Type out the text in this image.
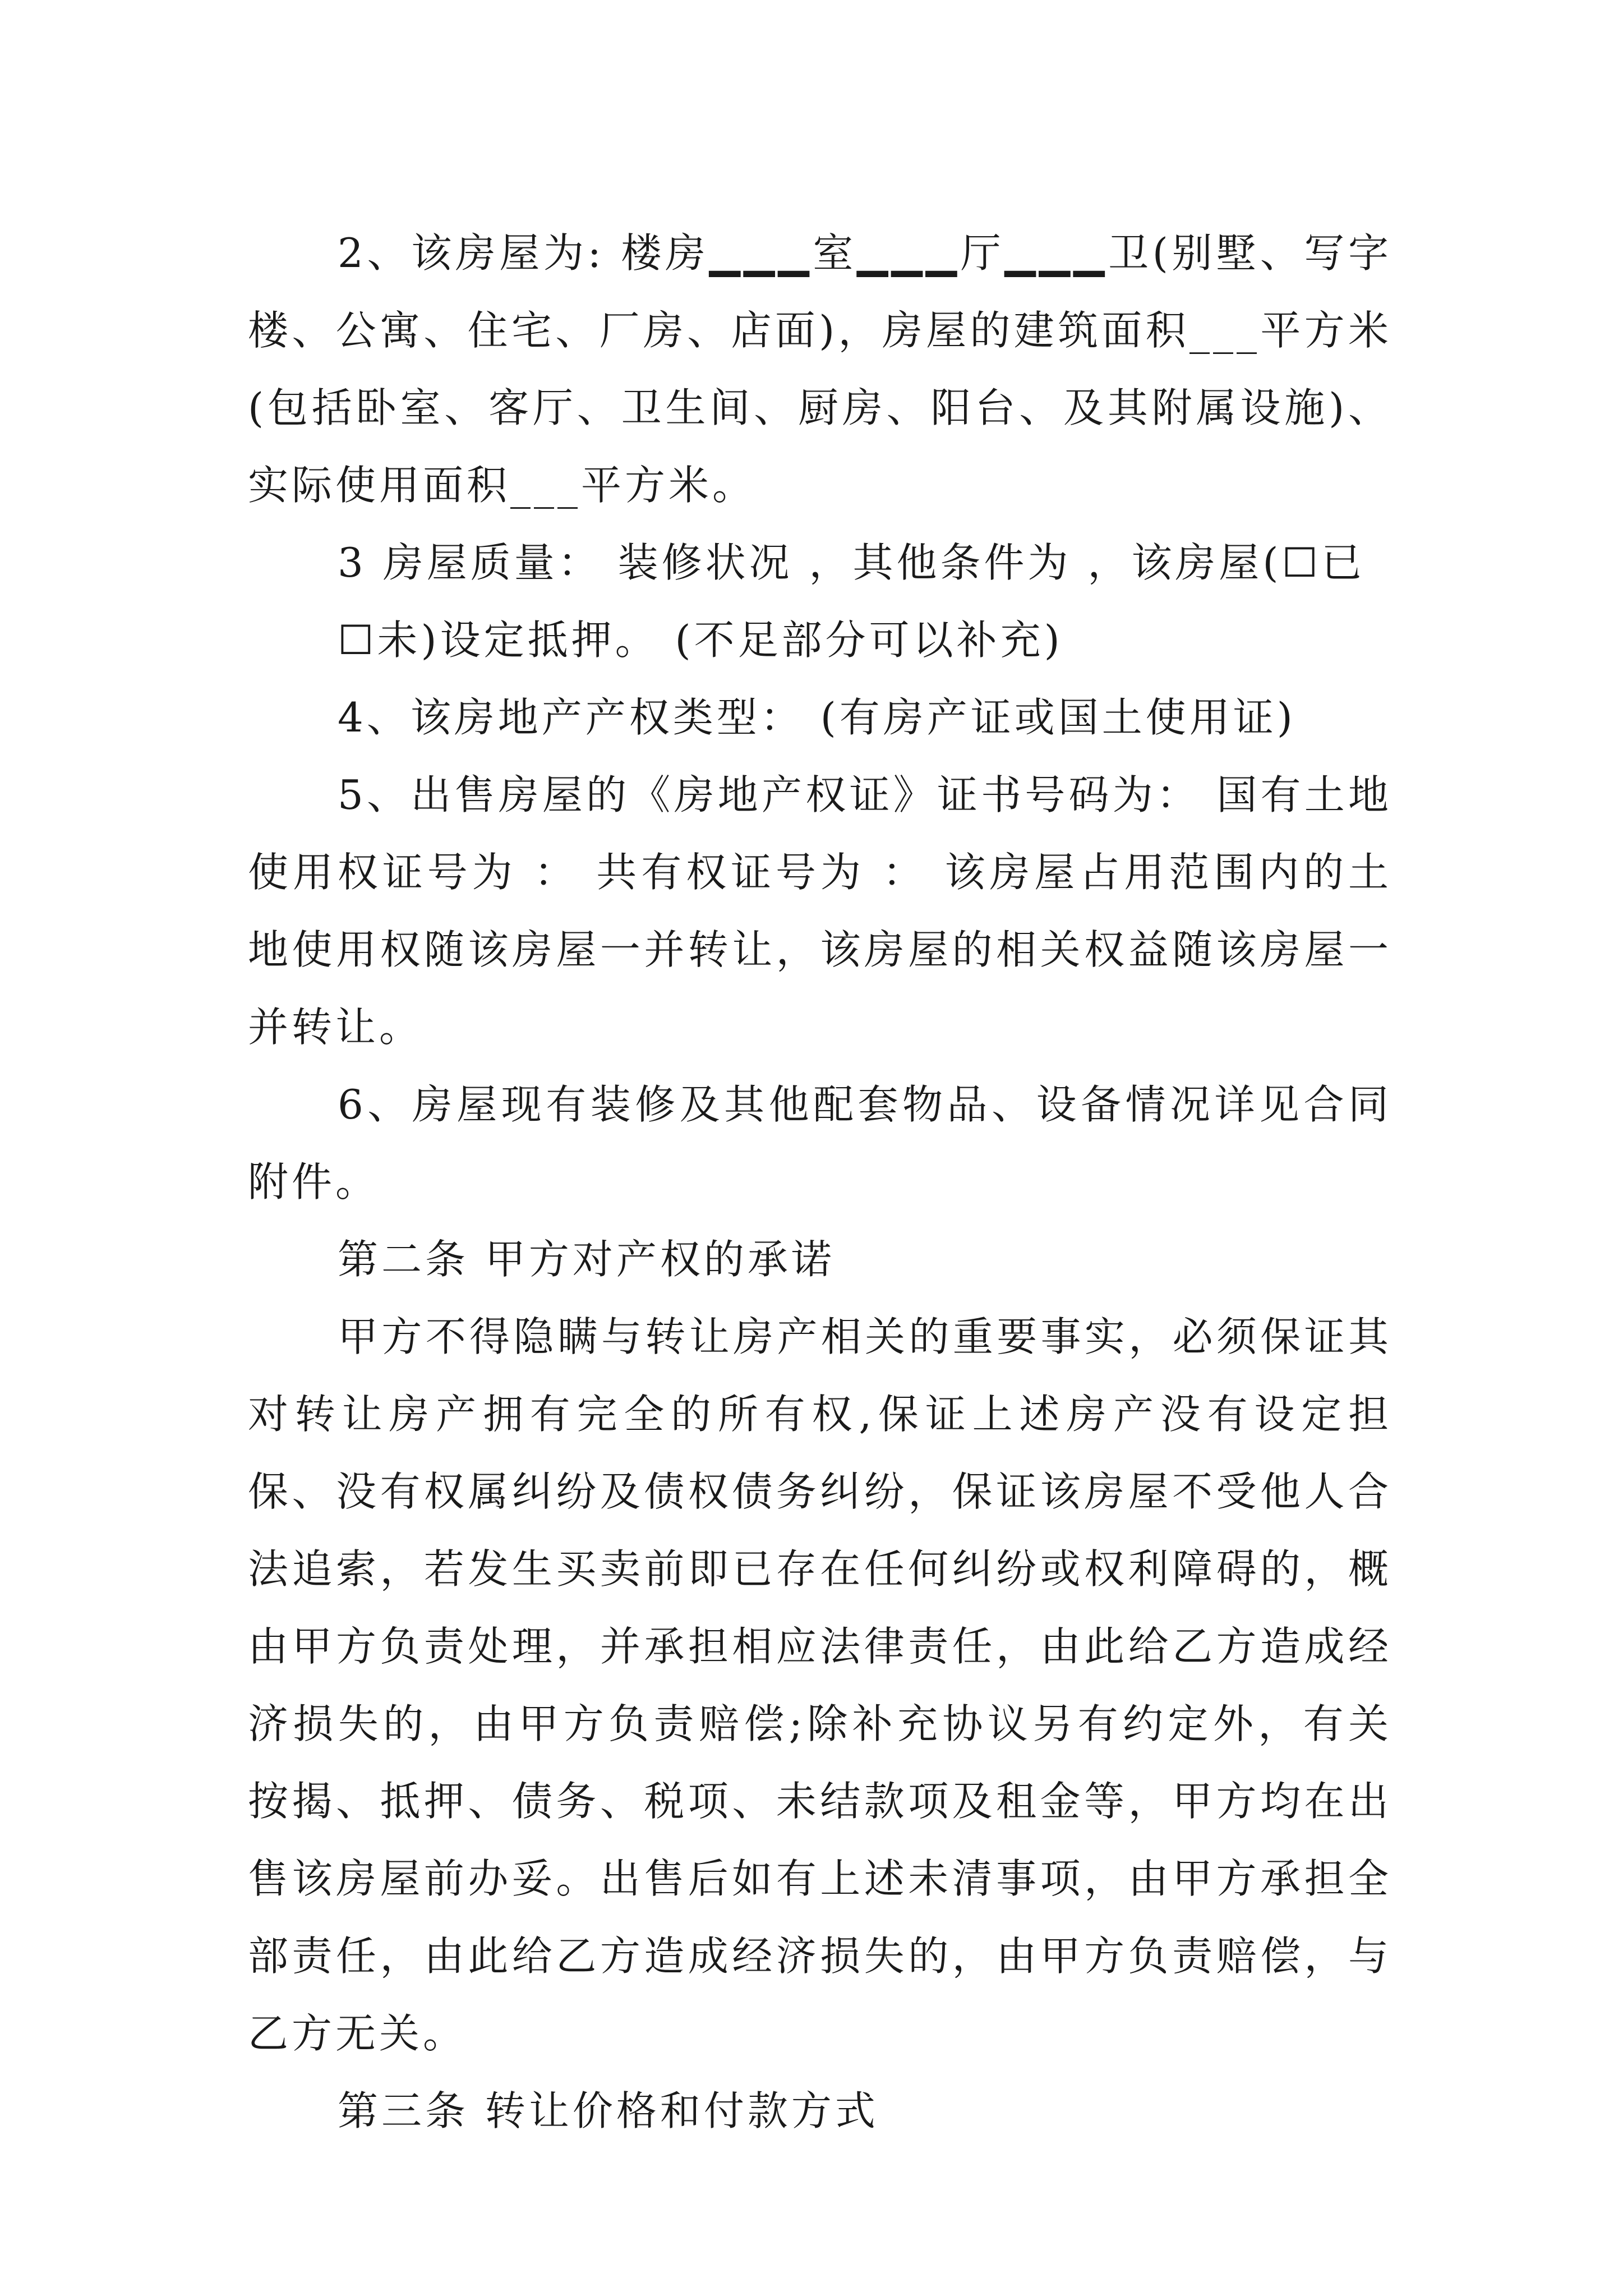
2、该房屋为: 楼房▁▁▁室▁▁▁厅▁▁▁卫(别墅、写字楼、公寓、住宅、厂房、店面)，房屋的建筑面积___平方米(包括卧室、客厅、卫生间、厨房、阳台、及其附属设施)、实际使用面积___平方米。

3 房屋质量： 装修状况 ，其他条件为 ，该房屋(☐已

☐未)设定抵押。 (不足部分可以补充)

4、该房地产产权类型： (有房产证或国土使用证)

5、出售房屋的《房地产权证》证书号码为： 国有土地使用权证号为 ： 共有权证号为 ： 该房屋占用范围内的土地使用权随该房屋一并转让，该房屋的相关权益随该房屋一并转让。

6、房屋现有装修及其他配套物品、设备情况详见合同附件。

第二条 甲方对产权的承诺

甲方不得隐瞒与转让房产相关的重要事实，必须保证其对转让房产拥有完全的所有权,保证上述房产没有设定担保、没有权属纠纷及债权债务纠纷，保证该房屋不受他人合法追索，若发生买卖前即已存在任何纠纷或权利障碍的，概由甲方负责处理，并承担相应法律责任，由此给乙方造成经济损失的，由甲方负责赔偿;除补充协议另有约定外，有关按揭、抵押、债务、税项、未结款项及租金等，甲方均在出售该房屋前办妥。出售后如有上述未清事项，由甲方承担全部责任，由此给乙方造成经济损失的，由甲方负责赔偿，与乙方无关。

第三条 转让价格和付款方式
